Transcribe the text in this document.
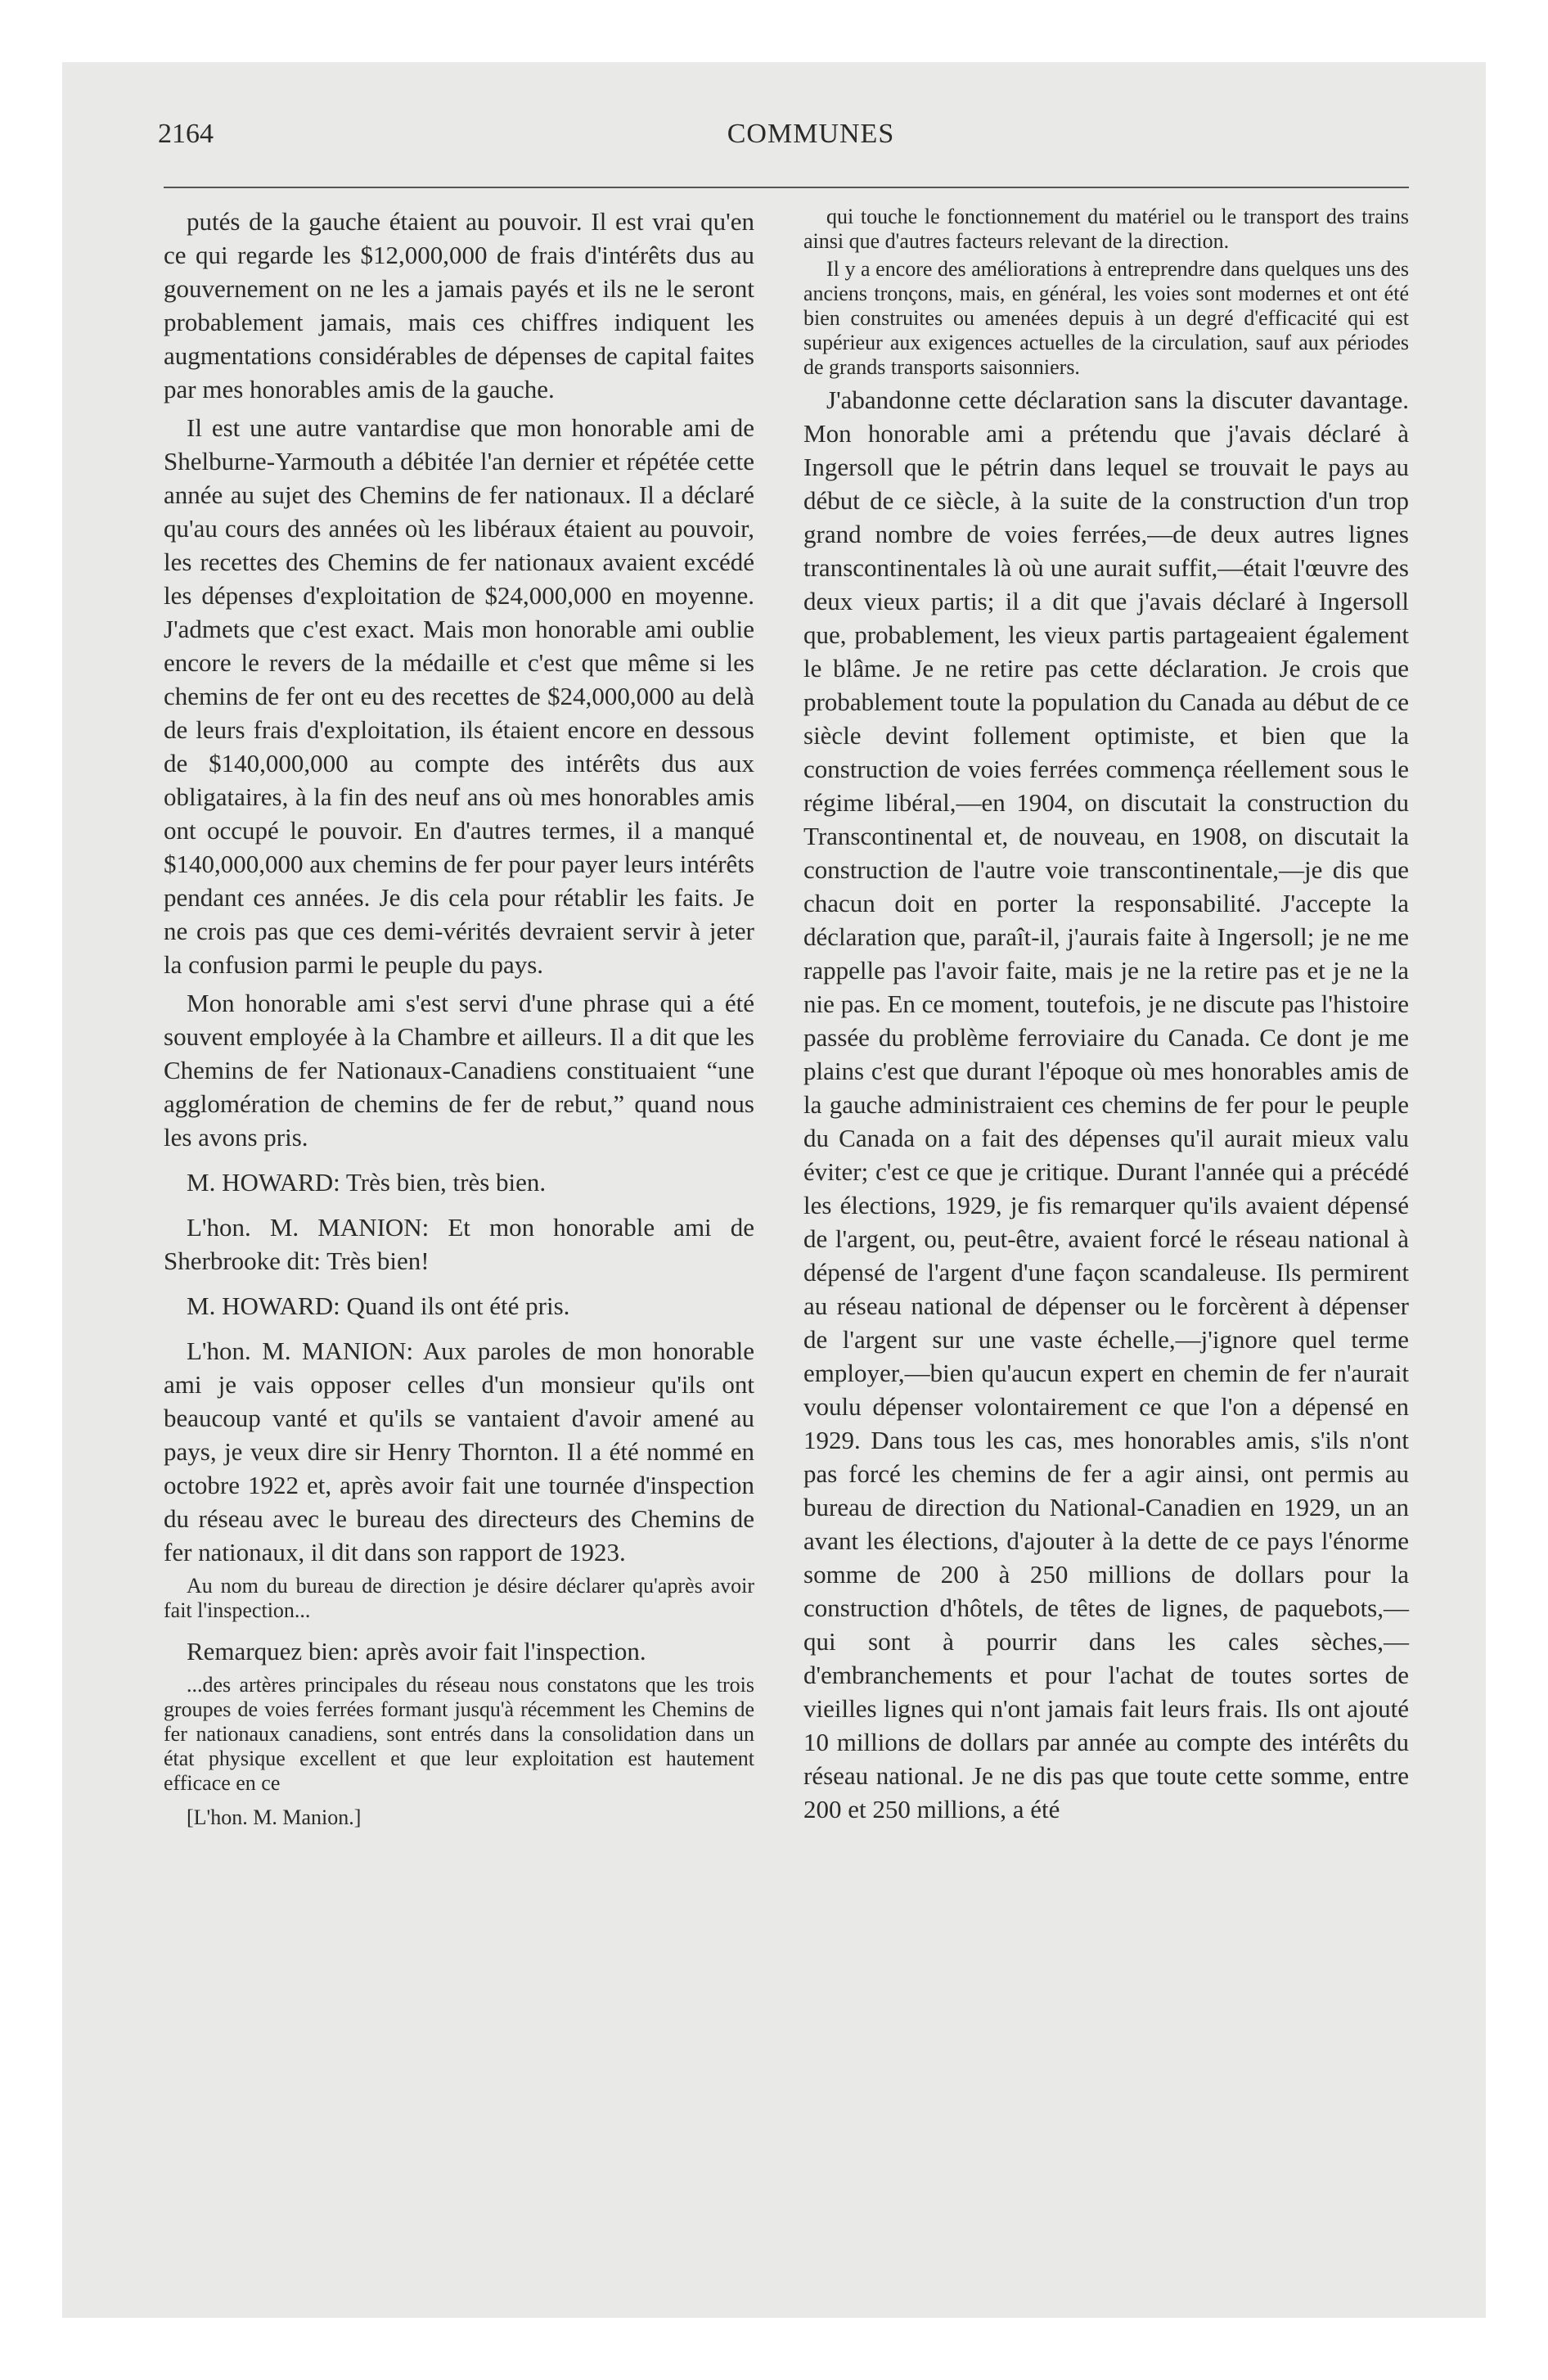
2164	COMMUNES

putés de la gauche étaient au pouvoir. Il est vrai qu'en ce qui regarde les $12,000,000 de frais d'intérêts dus au gouvernement on ne les a jamais payés et ils ne le seront probablement jamais, mais ces chiffres indiquent les augmentations considérables de dépenses de capital faites par mes honorables amis de la gauche.

Il est une autre vantardise que mon honorable ami de Shelburne-Yarmouth a débitée l'an dernier et répétée cette année au sujet des Chemins de fer nationaux. Il a déclaré qu'au cours des années où les libéraux étaient au pouvoir, les recettes des Chemins de fer nationaux avaient excédé les dépenses d'exploitation de $24,000,000 en moyenne. J'admets que c'est exact. Mais mon honorable ami oublie encore le revers de la médaille et c'est que même si les chemins de fer ont eu des recettes de $24,000,000 au delà de leurs frais d'exploitation, ils étaient encore en dessous de $140,000,000 au compte des intérêts dus aux obligataires, à la fin des neuf ans où mes honorables amis ont occupé le pouvoir. En d'autres termes, il a manqué $140,000,000 aux chemins de fer pour payer leurs intérêts pendant ces années. Je dis cela pour rétablir les faits. Je ne crois pas que ces demi-vérités devraient servir à jeter la confusion parmi le peuple du pays.

Mon honorable ami s'est servi d'une phrase qui a été souvent employée à la Chambre et ailleurs. Il a dit que les Chemins de fer Nationaux-Canadiens constituaient “une agglomération de chemins de fer de rebut,” quand nous les avons pris.

M. HOWARD: Très bien, très bien.

L'hon. M. MANION: Et mon honorable ami de Sherbrooke dit: Très bien!

M. HOWARD: Quand ils ont été pris.

L'hon. M. MANION: Aux paroles de mon honorable ami je vais opposer celles d'un monsieur qu'ils ont beaucoup vanté et qu'ils se vantaient d'avoir amené au pays, je veux dire sir Henry Thornton. Il a été nommé en octobre 1922 et, après avoir fait une tournée d'inspection du réseau avec le bureau des directeurs des Chemins de fer nationaux, il dit dans son rapport de 1923.

Au nom du bureau de direction je désire déclarer qu'après avoir fait l'inspection...

Remarquez bien: après avoir fait l'inspection.

...des artères principales du réseau nous constatons que les trois groupes de voies ferrées formant jusqu'à récemment les Chemins de fer nationaux canadiens, sont entrés dans la consolidation dans un état physique excellent et que leur exploitation est hautement efficace en ce

[L'hon. M. Manion.]

qui touche le fonctionnement du matériel ou le transport des trains ainsi que d'autres facteurs relevant de la direction.

Il y a encore des améliorations à entreprendre dans quelques uns des anciens tronçons, mais, en général, les voies sont modernes et ont été bien construites ou amenées depuis à un degré d'efficacité qui est supérieur aux exigences actuelles de la circulation, sauf aux périodes de grands transports saisonniers.

J'abandonne cette déclaration sans la discuter davantage. Mon honorable ami a prétendu que j'avais déclaré à Ingersoll que le pétrin dans lequel se trouvait le pays au début de ce siècle, à la suite de la construction d'un trop grand nombre de voies ferrées,—de deux autres lignes transcontinentales là où une aurait suffit,—était l'œuvre des deux vieux partis; il a dit que j'avais déclaré à Ingersoll que, probablement, les vieux partis partageaient également le blâme. Je ne retire pas cette déclaration. Je crois que probablement toute la population du Canada au début de ce siècle devint follement optimiste, et bien que la construction de voies ferrées commença réellement sous le régime libéral,—en 1904, on discutait la construction du Transcontinental et, de nouveau, en 1908, on discutait la construction de l'autre voie transcontinentale,—je dis que chacun doit en porter la responsabilité. J'accepte la déclaration que, paraît-il, j'aurais faite à Ingersoll; je ne me rappelle pas l'avoir faite, mais je ne la retire pas et je ne la nie pas. En ce moment, toutefois, je ne discute pas l'histoire passée du problème ferroviaire du Canada. Ce dont je me plains c'est que durant l'époque où mes honorables amis de la gauche administraient ces chemins de fer pour le peuple du Canada on a fait des dépenses qu'il aurait mieux valu éviter; c'est ce que je critique. Durant l'année qui a précédé les élections, 1929, je fis remarquer qu'ils avaient dépensé de l'argent, ou, peut-être, avaient forcé le réseau national à dépensé de l'argent d'une façon scandaleuse. Ils permirent au réseau national de dépenser ou le forcèrent à dépenser de l'argent sur une vaste échelle,—j'ignore quel terme employer,—bien qu'aucun expert en chemin de fer n'aurait voulu dépenser volontairement ce que l'on a dépensé en 1929. Dans tous les cas, mes honorables amis, s'ils n'ont pas forcé les chemins de fer a agir ainsi, ont permis au bureau de direction du National-Canadien en 1929, un an avant les élections, d'ajouter à la dette de ce pays l'énorme somme de 200 à 250 millions de dollars pour la construction d'hôtels, de têtes de lignes, de paquebots,—qui sont à pourrir dans les cales sèches,—d'embranchements et pour l'achat de toutes sortes de vieilles lignes qui n'ont jamais fait leurs frais. Ils ont ajouté 10 millions de dollars par année au compte des intérêts du réseau national. Je ne dis pas que toute cette somme, entre 200 et 250 millions, a été
